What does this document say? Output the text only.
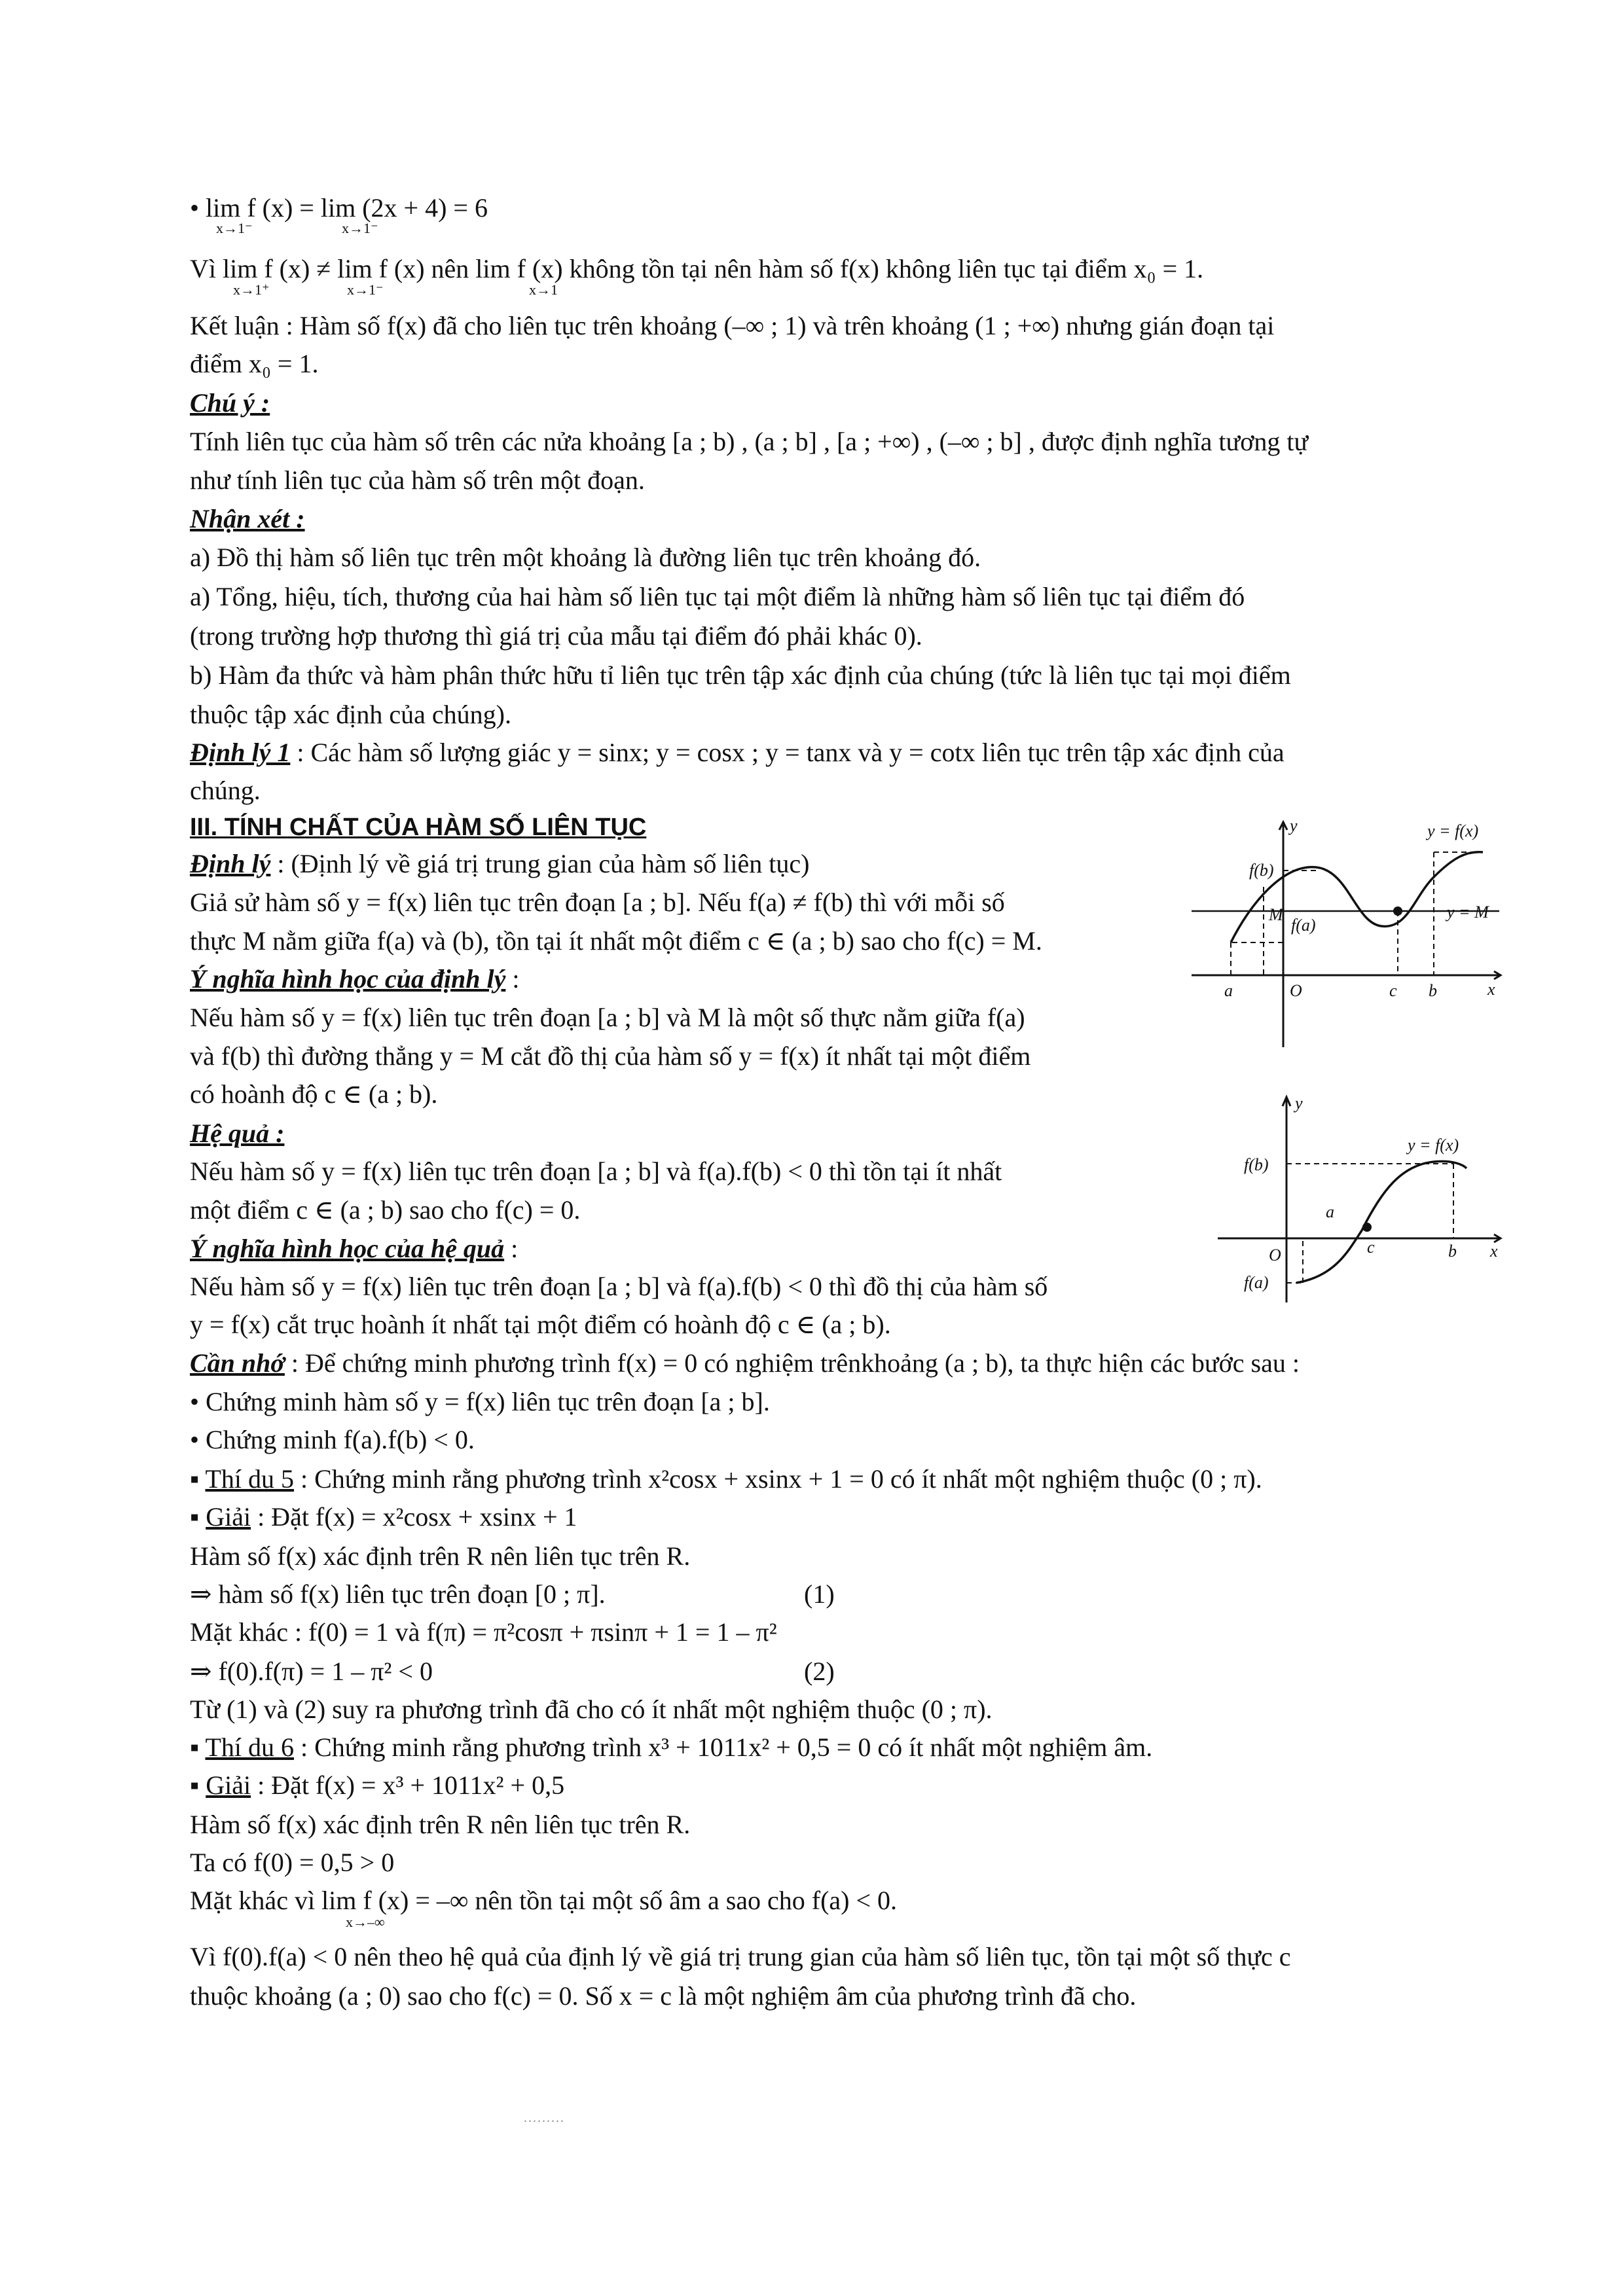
• lim f (x) = lim (2x + 4) = 6
x→1⁻	x→1⁻
Vì lim f (x) ≠ lim f (x) nên lim f (x) không tồn tại nên hàm số f(x) không liên tục tại điểm x₀ = 1.
x→1⁺	x→1⁻	x→1
Kết luận : Hàm số f(x) đã cho liên tục trên khoảng (–∞ ; 1) và trên khoảng (1 ; +∞) nhưng gián đoạn tại
điểm x₀ = 1.
Chú ý :
Tính liên tục của hàm số trên các nửa khoảng [a ; b) , (a ; b] , [a ; +∞) , (–∞ ; b] , được định nghĩa tương tự
như tính liên tục của hàm số trên một đoạn.
Nhận xét :
a) Đồ thị hàm số liên tục trên một khoảng là đường liên tục trên khoảng đó.
a) Tổng, hiệu, tích, thương của hai hàm số liên tục tại một điểm là những hàm số liên tục tại điểm đó
(trong trường hợp thương thì giá trị của mẫu tại điểm đó phải khác 0).
b) Hàm đa thức và hàm phân thức hữu tỉ liên tục trên tập xác định của chúng (tức là liên tục tại mọi điểm
thuộc tập xác định của chúng).
Định lý 1 : Các hàm số lượng giác y = sinx; y = cosx ; y = tanx và y = cotx liên tục trên tập xác định của
chúng.
III. TÍNH CHẤT CỦA HÀM SỐ LIÊN TỤC
Định lý : (Định lý về giá trị trung gian của hàm số liên tục)
Giả sử hàm số y = f(x) liên tục trên đoạn [a ; b]. Nếu f(a) ≠ f(b) thì với mỗi số
thực M nằm giữa f(a) và (b), tồn tại ít nhất một điểm c ∈ (a ; b) sao cho f(c) = M.
Ý nghĩa hình học của định lý :
Nếu hàm số y = f(x) liên tục trên đoạn [a ; b] và M là một số thực nằm giữa f(a)
và f(b) thì đường thẳng y = M cắt đồ thị của hàm số y = f(x) ít nhất tại một điểm
có hoành độ c ∈ (a ; b).
Hệ quả :
Nếu hàm số y = f(x) liên tục trên đoạn [a ; b] và f(a).f(b) < 0 thì tồn tại ít nhất
một điểm c ∈ (a ; b) sao cho f(c) = 0.
Ý nghĩa hình học của hệ quả :
Nếu hàm số y = f(x) liên tục trên đoạn [a ; b] và f(a).f(b) < 0 thì đồ thị của hàm số
y = f(x) cắt trục hoành ít nhất tại một điểm có hoành độ c ∈ (a ; b).
Cần nhớ : Để chứng minh phương trình f(x) = 0 có nghiệm trênkhoảng (a ; b), ta thực hiện các bước sau :
• Chứng minh hàm số y = f(x) liên tục trên đoạn [a ; b].
• Chứng minh f(a).f(b) < 0.
▪ Thí du 5 : Chứng minh rằng phương trình x²cosx + xsinx + 1 = 0 có ít nhất một nghiệm thuộc (0 ; π).
▪ Giải : Đặt f(x) = x²cosx + xsinx + 1
Hàm số f(x) xác định trên R nên liên tục trên R.
⇒ hàm số f(x) liên tục trên đoạn [0 ; π].	(1)
Mặt khác : f(0) = 1 và f(π) = π²cosπ + πsinπ + 1 = 1 – π²
⇒ f(0).f(π) = 1 – π² < 0	(2)
Từ (1) và (2) suy ra phương trình đã cho có ít nhất một nghiệm thuộc (0 ; π).
▪ Thí du 6 : Chứng minh rằng phương trình x³ + 1011x² + 0,5 = 0 có ít nhất một nghiệm âm.
▪ Giải : Đặt f(x) = x³ + 1011x² + 0,5
Hàm số f(x) xác định trên R nên liên tục trên R.
Ta có f(0) = 0,5 > 0
Mặt khác vì lim f (x) = –∞ nên tồn tại một số âm a sao cho f(a) < 0.
x→–∞
Vì f(0).f(a) < 0 nên theo hệ quả của định lý về giá trị trung gian của hàm số liên tục, tồn tại một số thực c
thuộc khoảng (a ; 0) sao cho f(c) = 0. Số x = c là một nghiệm âm của phương trình đã cho.
.........
y
x
y = f(x)
f(b)
f(a)
M	y = M
a	O	c b
y
x
y = f(x)
f(b)
f(a)
a
O	c	b
